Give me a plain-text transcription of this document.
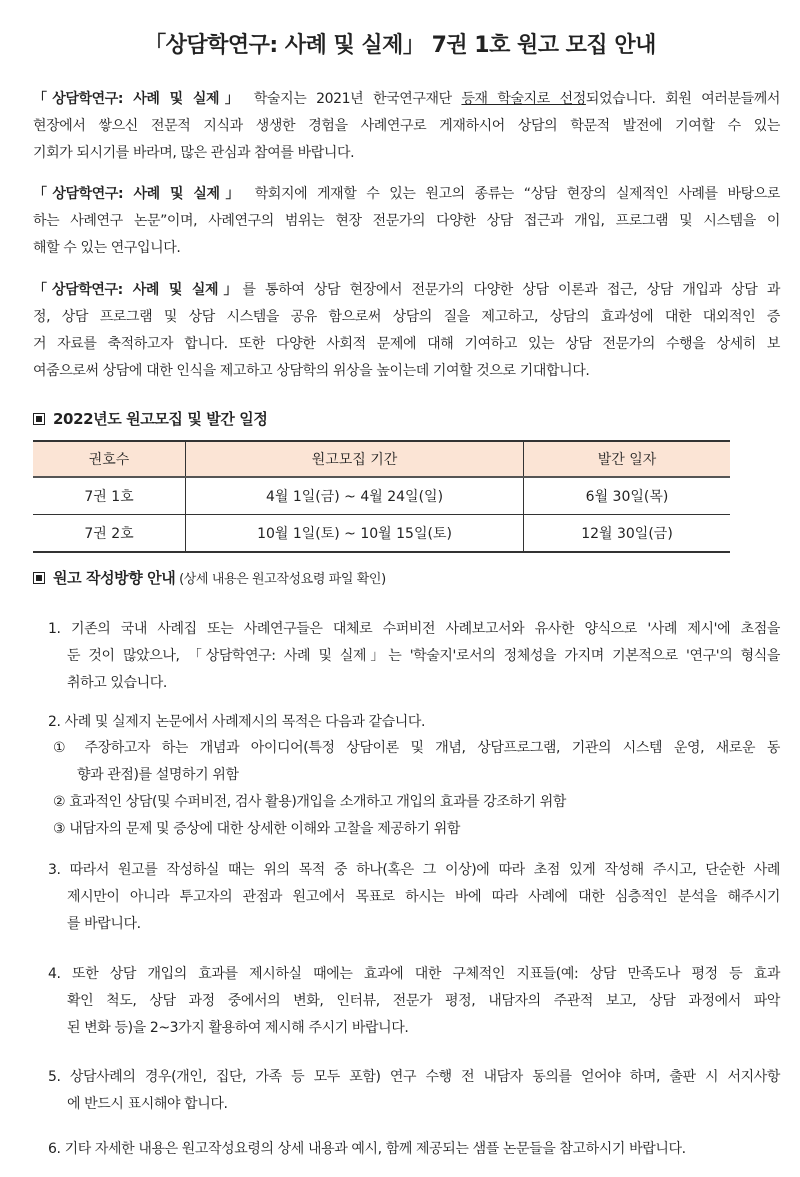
「상담학연구: 사례 및 실제」 7권 1호 원고 모집 안내
「상담학연구: 사례 및 실제」 학술지는 2021년 한국연구재단 등재 학술지로 선정되었습니다. 회원 여러분들께서
현장에서 쌓으신 전문적 지식과 생생한 경험을 사례연구로 게재하시어 상담의 학문적 발전에 기여할 수 있는
기회가 되시기를 바라며, 많은 관심과 참여를 바랍니다.
「상담학연구: 사례 및 실제」 학회지에 게재할 수 있는 원고의 종류는 “상담 현장의 실제적인 사례를 바탕으로
하는 사례연구 논문”이며, 사례연구의 범위는 현장 전문가의 다양한 상담 접근과 개입, 프로그램 및 시스템을 이
해할 수 있는 연구입니다.
「상담학연구: 사례 및 실제」를 통하여 상담 현장에서 전문가의 다양한 상담 이론과 접근, 상담 개입과 상담 과
정, 상담 프로그램 및 상담 시스템을 공유 함으로써 상담의 질을 제고하고, 상담의 효과성에 대한 대외적인 증
거 자료를 축적하고자 합니다. 또한 다양한 사회적 문제에 대해 기여하고 있는 상담 전문가의 수행을 상세히 보
여줌으로써 상담에 대한 인식을 제고하고 상담학의 위상을 높이는데 기여할 것으로 기대합니다.
2022년도 원고모집 및 발간 일정
권호수	원고모집 기간	발간 일자
7권 1호	4월 1일(금) ~ 4월 24일(일)	6월 30일(목)
7권 2호	10월 1일(토) ~ 10월 15일(토)	12월 30일(금)
원고 작성방향 안내 (상세 내용은 원고작성요령 파일 확인)
1. 기존의 국내 사례집 또는 사례연구들은 대체로 수퍼비전 사례보고서와 유사한 양식으로 '사례 제시'에 초점을
둔 것이 많았으나, 「상담학연구: 사례 및 실제」는 '학술지'로서의 정체성을 가지며 기본적으로 '연구'의 형식을
취하고 있습니다.
2. 사례 및 실제지 논문에서 사례제시의 목적은 다음과 같습니다.
① 주장하고자 하는 개념과 아이디어(특정 상담이론 및 개념, 상담프로그램, 기관의 시스템 운영, 새로운 동
향과 관점)를 설명하기 위함
② 효과적인 상담(및 수퍼비전, 검사 활용)개입을 소개하고 개입의 효과를 강조하기 위함
③ 내담자의 문제 및 증상에 대한 상세한 이해와 고찰을 제공하기 위함
3. 따라서 원고를 작성하실 때는 위의 목적 중 하나(혹은 그 이상)에 따라 초점 있게 작성해 주시고, 단순한 사례
제시만이 아니라 투고자의 관점과 원고에서 목표로 하시는 바에 따라 사례에 대한 심층적인 분석을 해주시기
를 바랍니다.
4. 또한 상담 개입의 효과를 제시하실 때에는 효과에 대한 구체적인 지표들(예: 상담 만족도나 평정 등 효과
확인 척도, 상담 과정 중에서의 변화, 인터뷰, 전문가 평정, 내담자의 주관적 보고, 상담 과정에서 파악
된 변화 등)을 2~3가지 활용하여 제시해 주시기 바랍니다.
5. 상담사례의 경우(개인, 집단, 가족 등 모두 포함) 연구 수행 전 내담자 동의를 얻어야 하며, 출판 시 서지사항
에 반드시 표시해야 합니다.
6. 기타 자세한 내용은 원고작성요령의 상세 내용과 예시, 함께 제공되는 샘플 논문들을 참고하시기 바랍니다.
